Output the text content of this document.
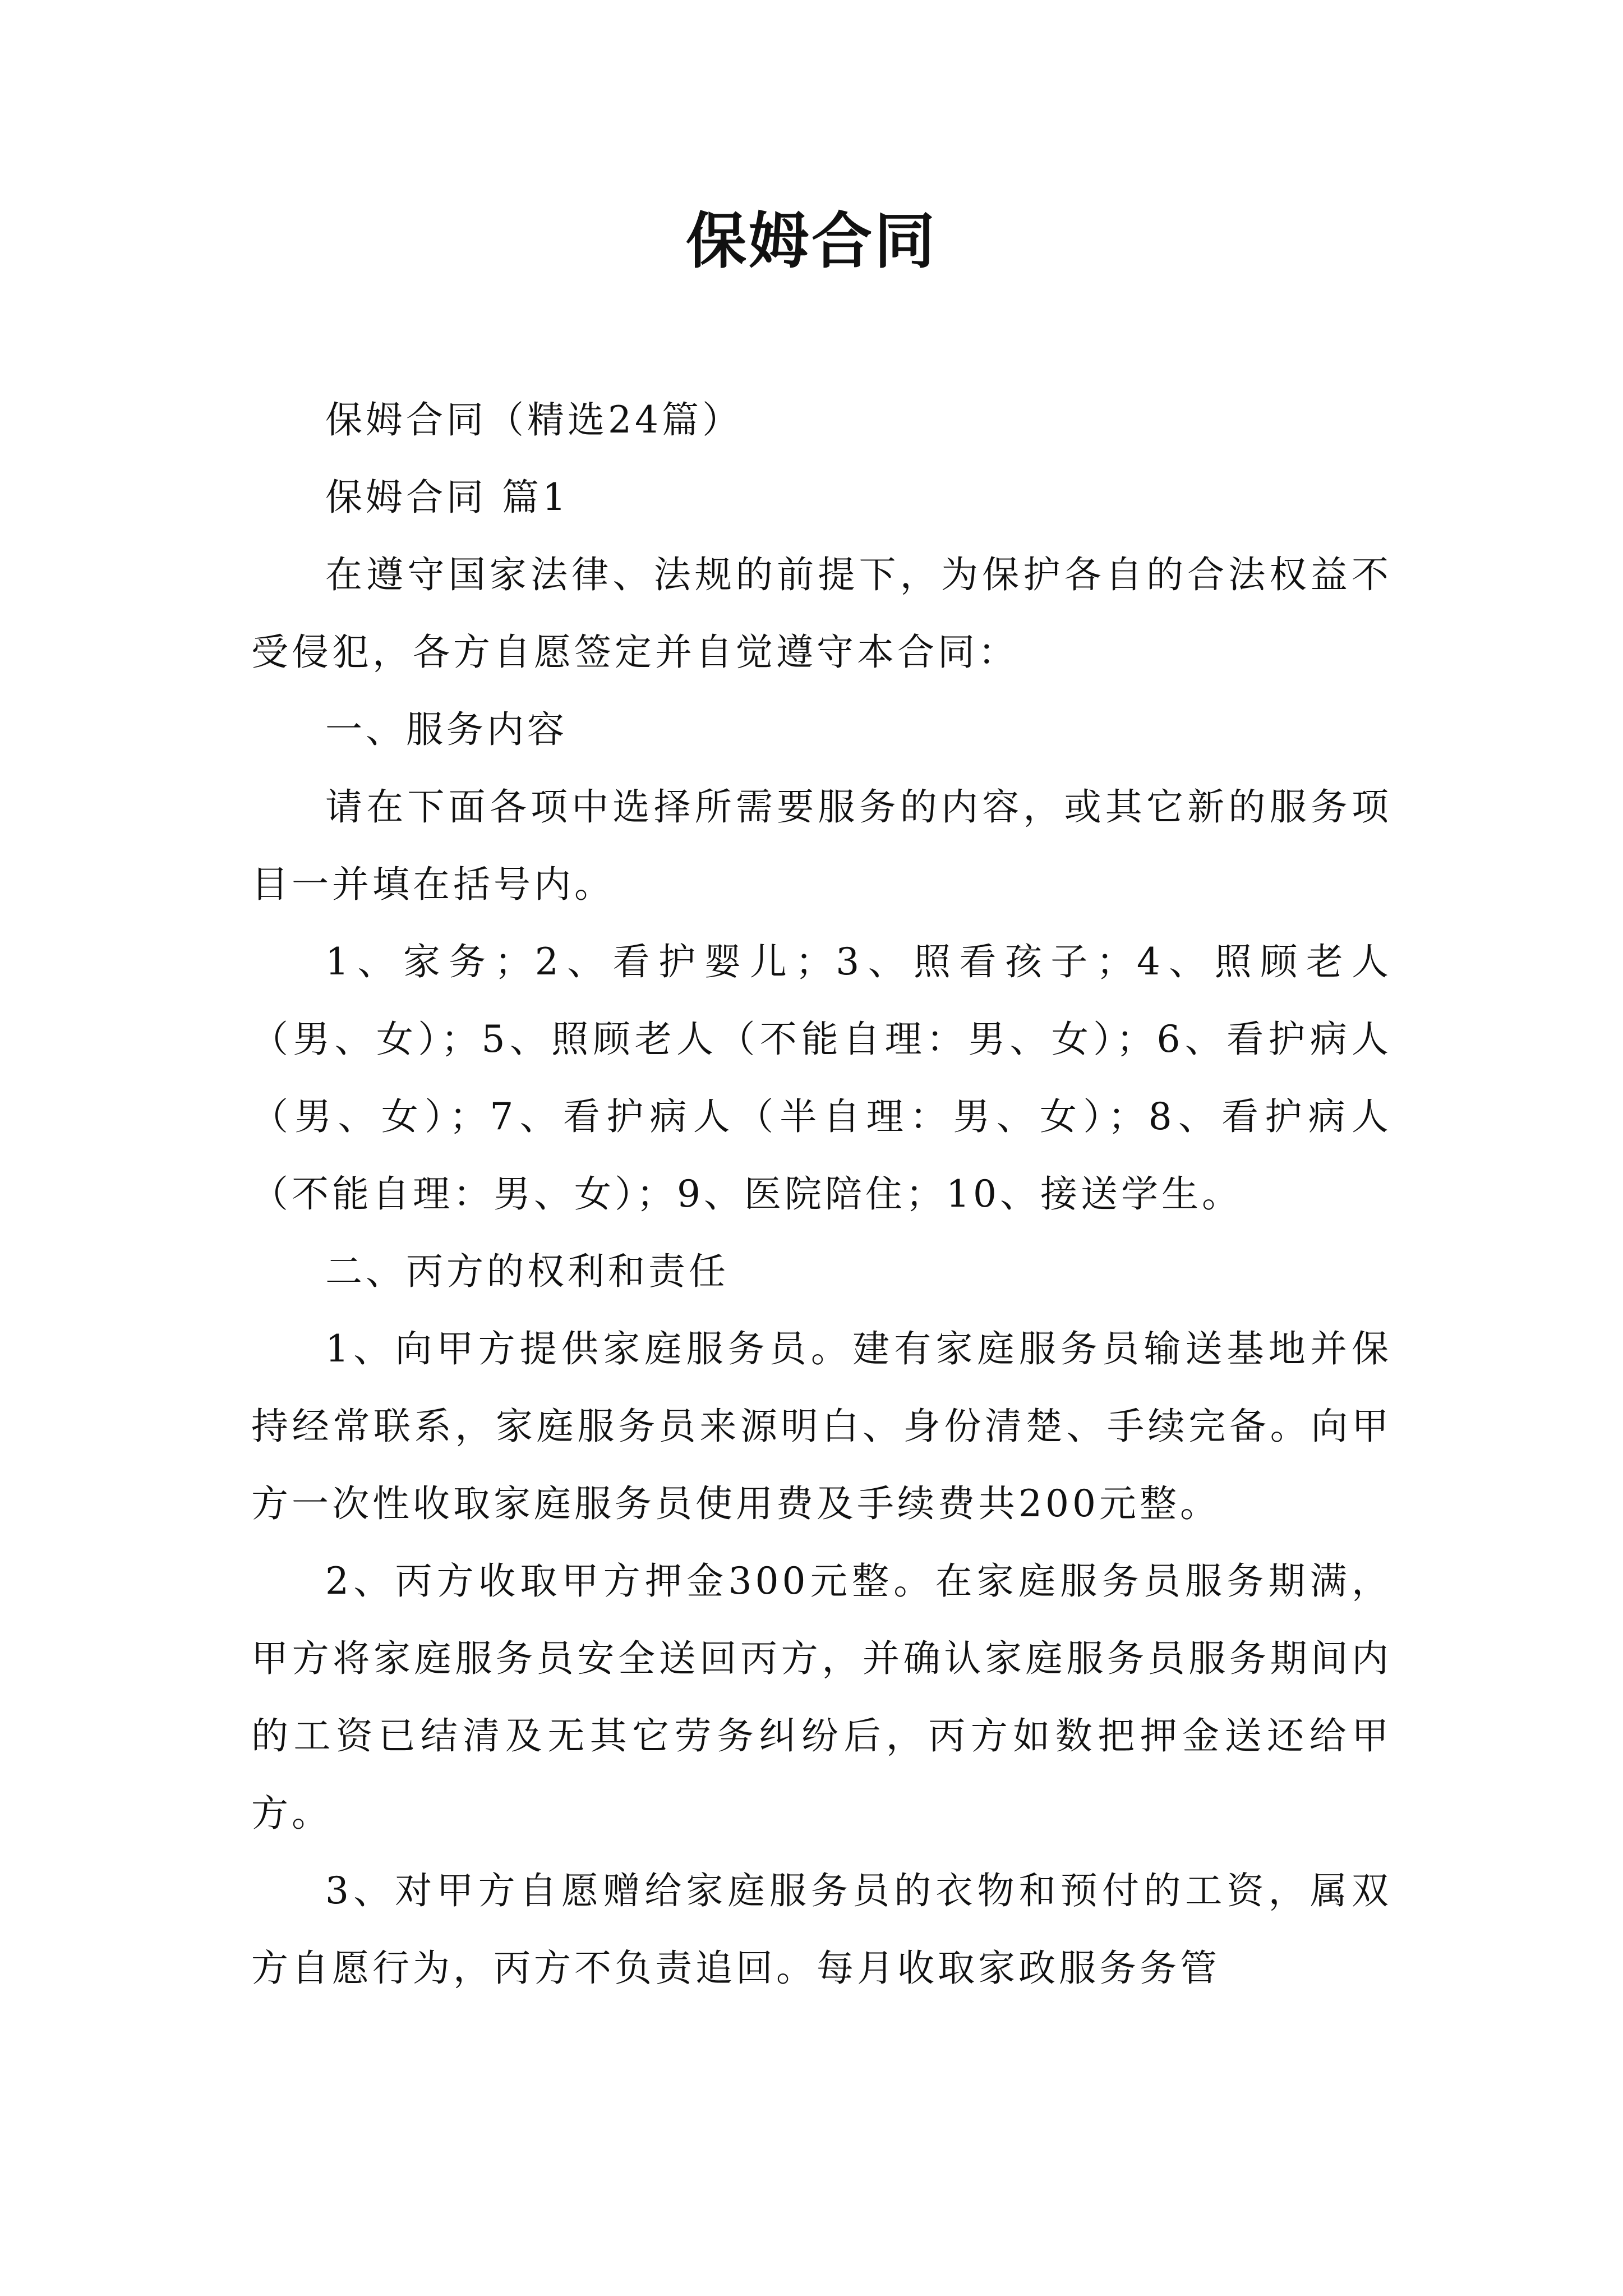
保姆合同

保姆合同（精选24篇）

保姆合同 篇1

在遵守国家法律、法规的前提下，为保护各自的合法权益不受侵犯，各方自愿签定并自觉遵守本合同：

一、服务内容

请在下面各项中选择所需要服务的内容，或其它新的服务项目一并填在括号内。

1、家务；2、看护婴儿；3、照看孩子；4、照顾老人（男、女）；5、照顾老人（不能自理：男、女）；6、看护病人（男、女）；7、看护病人（半自理：男、女）；8、看护病人（不能自理：男、女）；9、医院陪住；10、接送学生。

二、丙方的权利和责任

1、向甲方提供家庭服务员。建有家庭服务员输送基地并保持经常联系，家庭服务员来源明白、身份清楚、手续完备。向甲方一次性收取家庭服务员使用费及手续费共200元整。

2、丙方收取甲方押金300元整。在家庭服务员服务期满，甲方将家庭服务员安全送回丙方，并确认家庭服务员服务期间内的工资已结清及无其它劳务纠纷后，丙方如数把押金送还给甲方。

3、对甲方自愿赠给家庭服务员的衣物和预付的工资，属双方自愿行为，丙方不负责追回。每月收取家政服务务管
